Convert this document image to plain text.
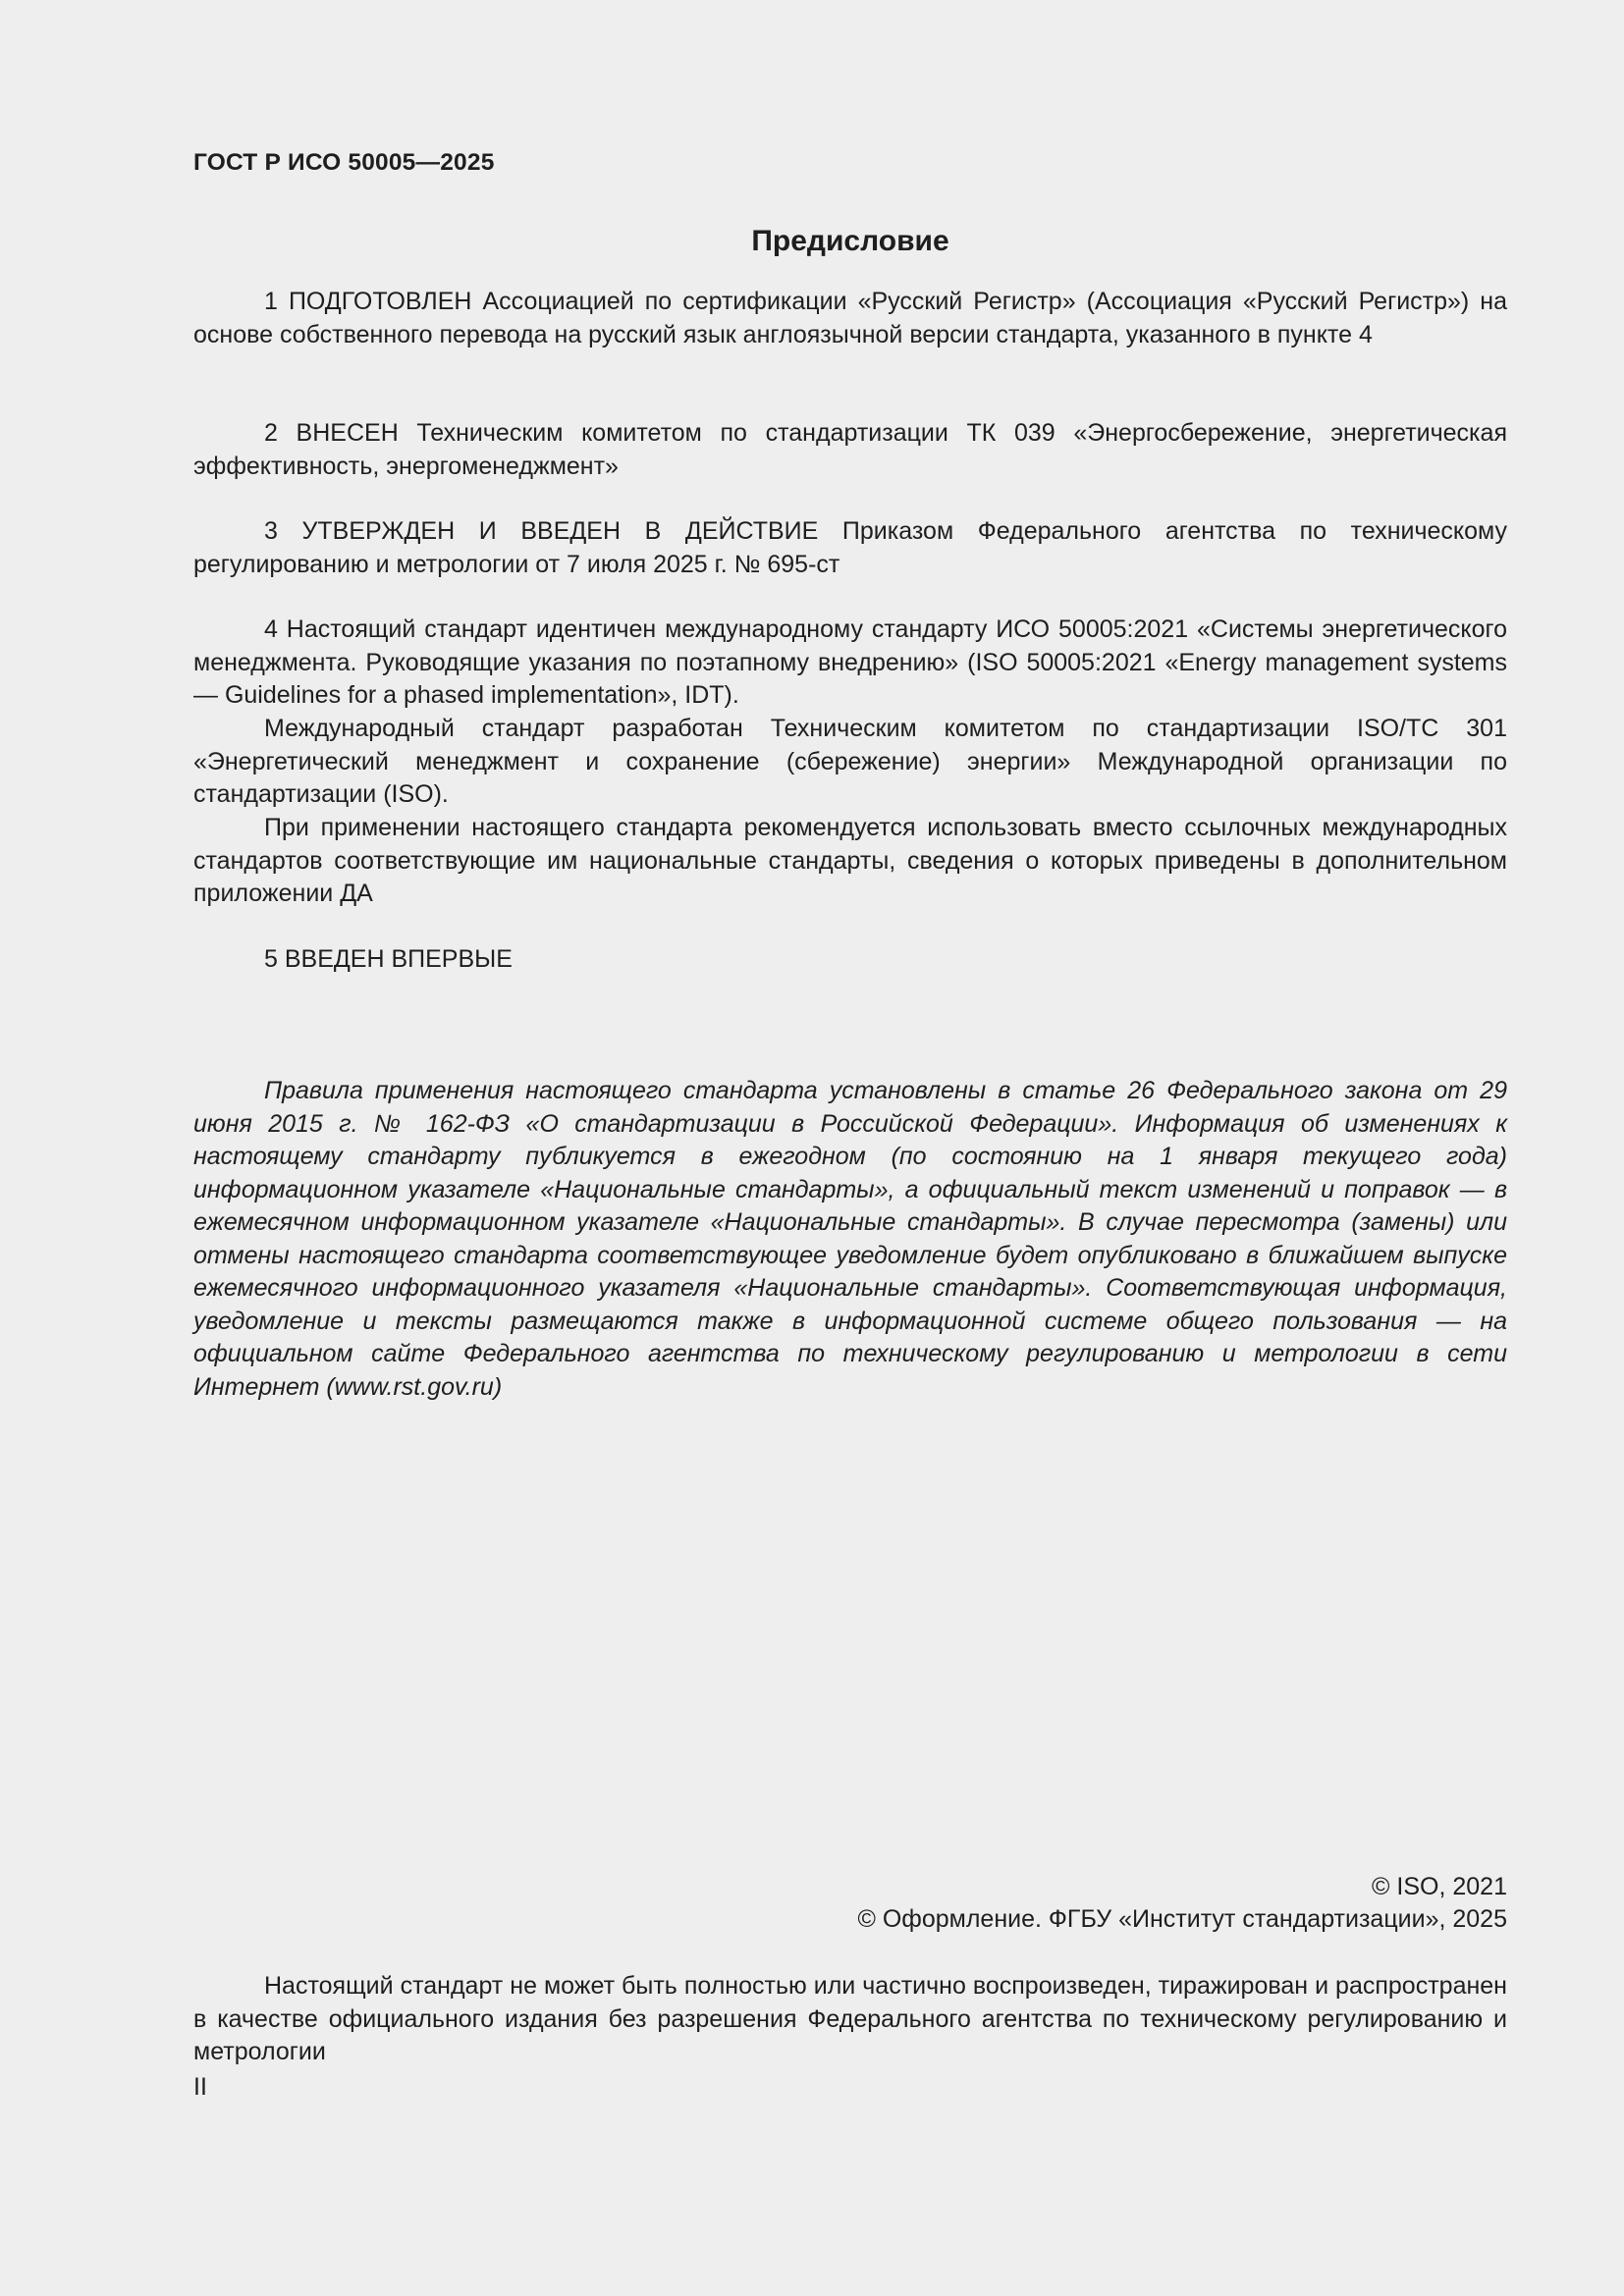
ГОСТ Р ИСО 50005—2025
Предисловие

1 ПОДГОТОВЛЕН Ассоциацией по сертификации «Русский Регистр» (Ассоциация «Русский Регистр») на основе собственного перевода на русский язык англоязычной версии стандарта, указанного в пункте 4

2 ВНЕСЕН Техническим комитетом по стандартизации ТК 039 «Энергосбережение, энергетическая эффективность, энергоменеджмент»

3 УТВЕРЖДЕН И ВВЕДЕН В ДЕЙСТВИЕ Приказом Федерального агентства по техническому регулированию и метрологии от 7 июля 2025 г. № 695-ст

4 Настоящий стандарт идентичен международному стандарту ИСО 50005:2021 «Системы энергетического менеджмента. Руководящие указания по поэтапному внедрению» (ISO 50005:2021 «Energy management systems — Guidelines for a phased implementation», IDT).

Международный стандарт разработан Техническим комитетом по стандартизации ISO/TC 301 «Энергетический менеджмент и сохранение (сбережение) энергии» Международной организации по стандартизации (ISO).

При применении настоящего стандарта рекомендуется использовать вместо ссылочных международных стандартов соответствующие им национальные стандарты, сведения о которых приведены в дополнительном приложении ДА

5 ВВЕДЕН ВПЕРВЫЕ

Правила применения настоящего стандарта установлены в статье 26 Федерального закона от 29 июня 2015 г. № 162-ФЗ «О стандартизации в Российской Федерации». Информация об изменениях к настоящему стандарту публикуется в ежегодном (по состоянию на 1 января текущего года) информационном указателе «Национальные стандарты», а официальный текст изменений и поправок — в ежемесячном информационном указателе «Национальные стандарты». В случае пересмотра (замены) или отмены настоящего стандарта соответствующее уведомление будет опубликовано в ближайшем выпуске ежемесячного информационного указателя «Национальные стандарты». Соответствующая информация, уведомление и тексты размещаются также в информационной системе общего пользования — на официальном сайте Федерального агентства по техническому регулированию и метрологии в сети Интернет (www.rst.gov.ru)

© ISO, 2021

© Оформление. ФГБУ «Институт стандартизации», 2025

Настоящий стандарт не может быть полностью или частично воспроизведен, тиражирован и распространен в качестве официального издания без разрешения Федерального агентства по техническому регулированию и метрологии

II
